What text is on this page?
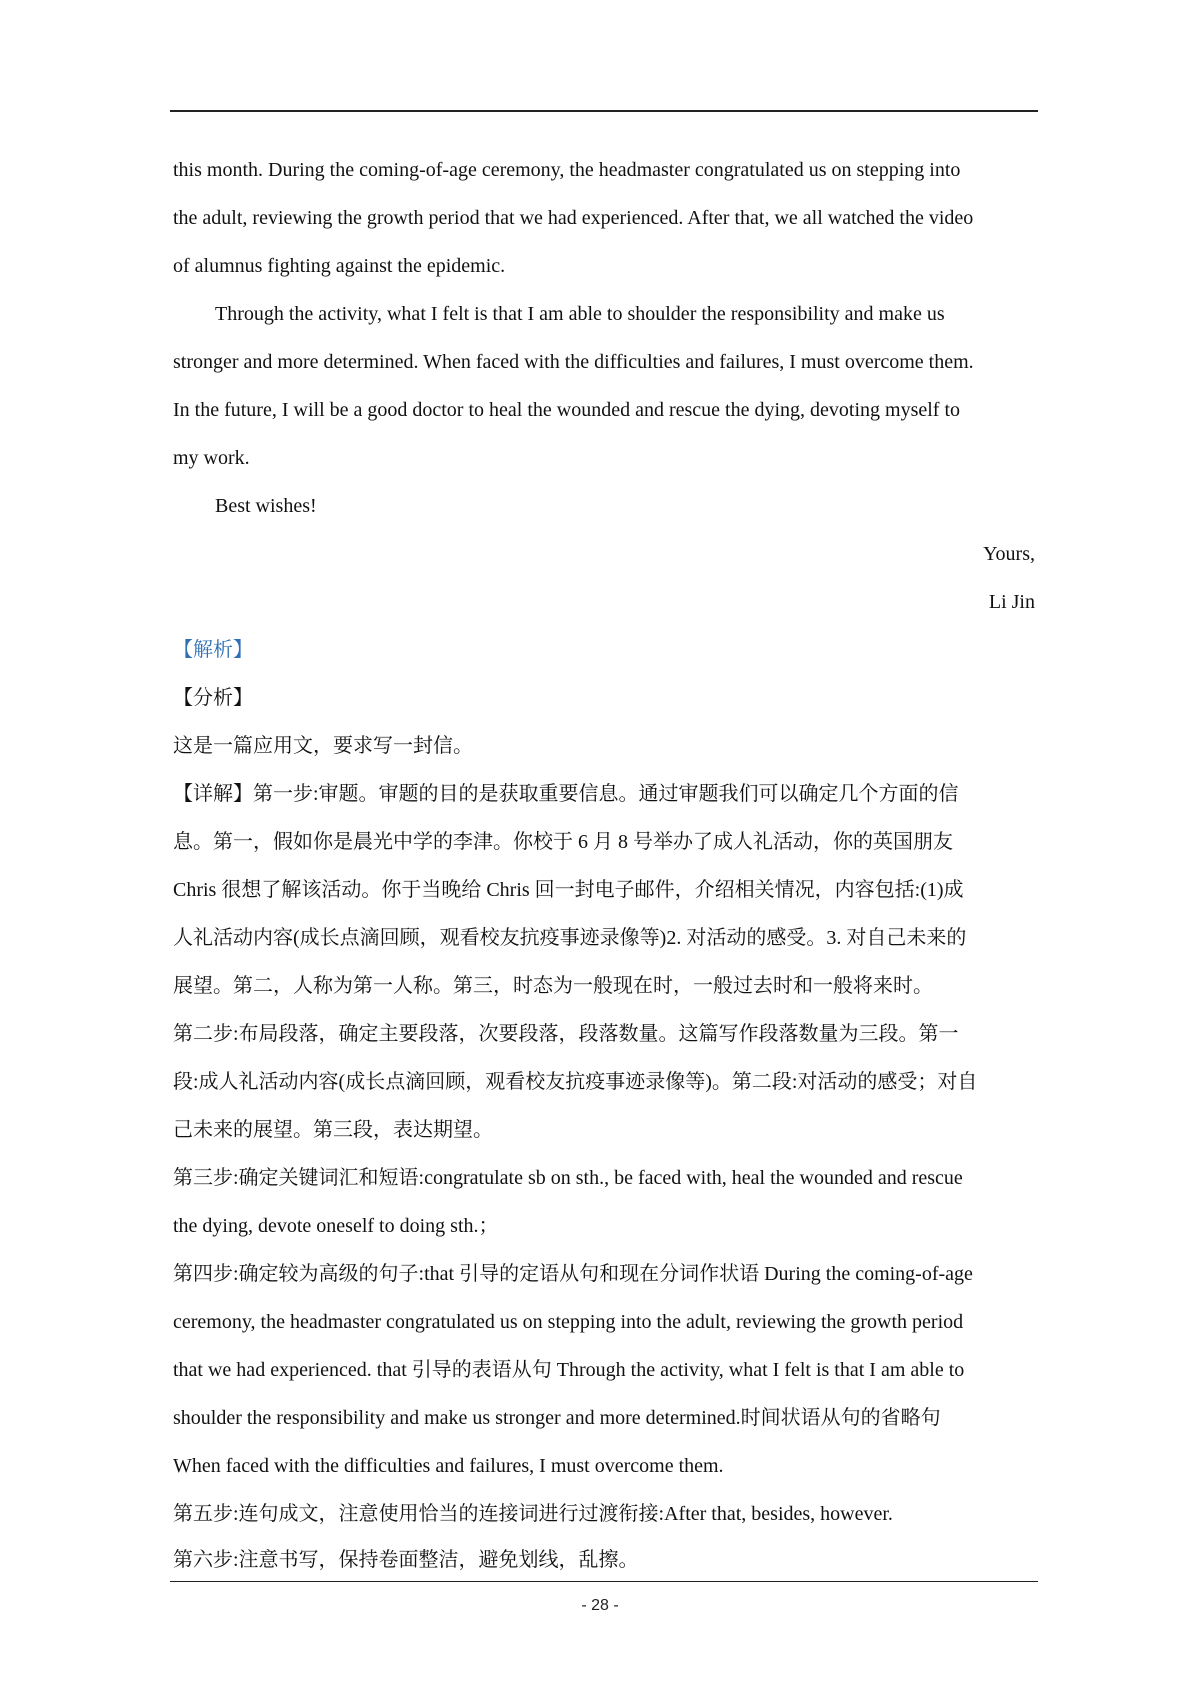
this month. During the coming-of-age ceremony, the headmaster congratulated us on stepping into
the adult, reviewing the growth period that we had experienced. After that, we all watched the video
of alumnus fighting against the epidemic.
Through the activity, what I felt is that I am able to shoulder the responsibility and make us
stronger and more determined. When faced with the difficulties and failures, I must overcome them.
In the future, I will be a good doctor to heal the wounded and rescue the dying, devoting myself to
my work.
Best wishes!
Yours,
Li Jin
【解析】
【分析】
这是一篇应用文，要求写一封信。
【详解】第一步:审题。审题的目的是获取重要信息。通过审题我们可以确定几个方面的信
息。第一，假如你是晨光中学的李津。你校于 6 月 8 号举办了成人礼活动，你的英国朋友
Chris 很想了解该活动。你于当晚给 Chris 回一封电子邮件，介绍相关情况，内容包括:(1)成
人礼活动内容(成长点滴回顾，观看校友抗疫事迹录像等)2. 对活动的感受。3. 对自己未来的
展望。第二，人称为第一人称。第三，时态为一般现在时，一般过去时和一般将来时。
第二步:布局段落，确定主要段落，次要段落，段落数量。这篇写作段落数量为三段。第一
段:成人礼活动内容(成长点滴回顾，观看校友抗疫事迹录像等)。第二段:对活动的感受；对自
己未来的展望。第三段，表达期望。
第三步:确定关键词汇和短语:congratulate sb on sth., be faced with, heal the wounded and rescue
the dying, devote oneself to doing sth.；
第四步:确定较为高级的句子:that 引导的定语从句和现在分词作状语 During the coming-of-age
ceremony, the headmaster congratulated us on stepping into the adult, reviewing the growth period
that we had experienced. that 引导的表语从句 Through the activity, what I felt is that I am able to
shoulder the responsibility and make us stronger and more determined.时间状语从句的省略句
When faced with the difficulties and failures, I must overcome them.
第五步:连句成文，注意使用恰当的连接词进行过渡衔接:After that, besides, however.
第六步:注意书写，保持卷面整洁，避免划线，乱擦。
- 28 -
